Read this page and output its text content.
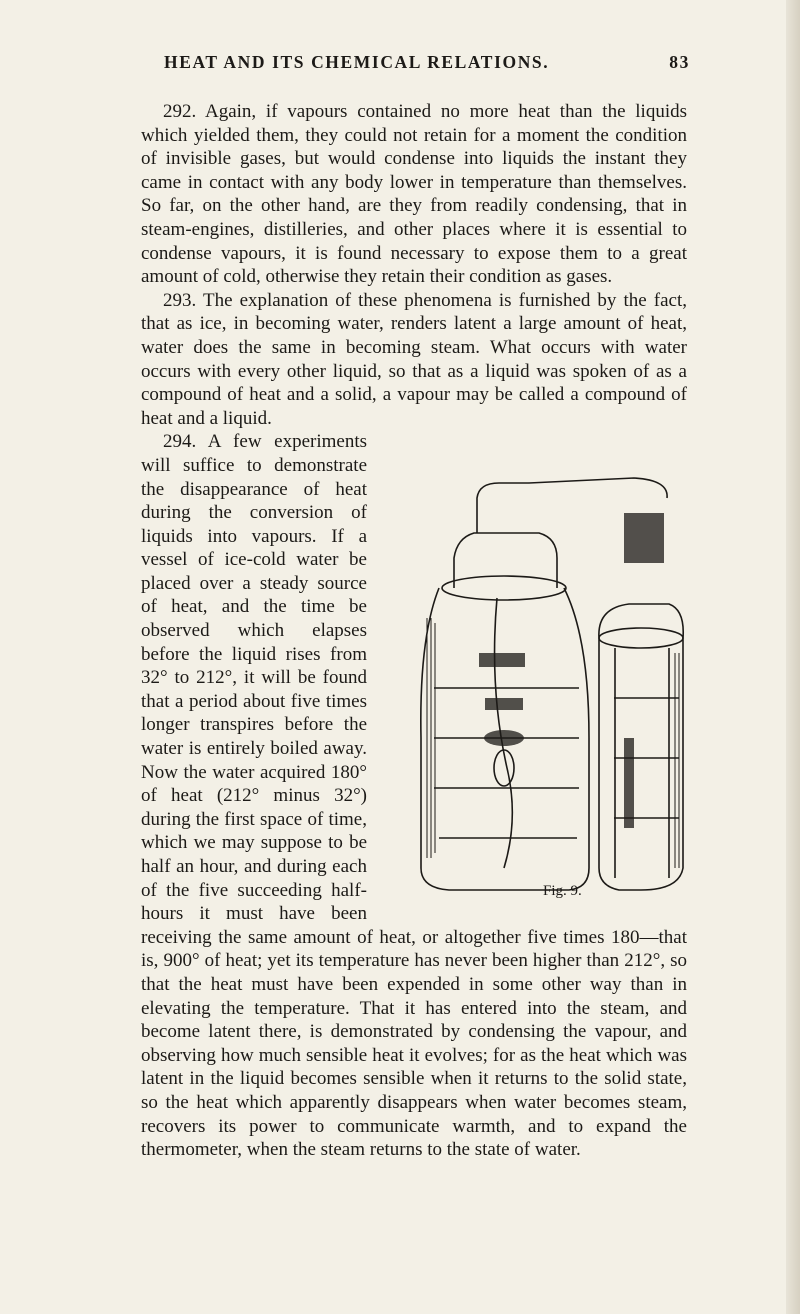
HEAT AND ITS CHEMICAL RELATIONS.	83

292. Again, if vapours contained no more heat than the liquids which yielded them, they could not retain for a moment the condition of invisible gases, but would condense into liquids the instant they came in contact with any body lower in temperature than themselves. So far, on the other hand, are they from readily condensing, that in steam-engines, distilleries, and other places where it is essential to condense vapours, it is found necessary to expose them to a great amount of cold, otherwise they retain their condition as gases.

293. The explanation of these phenomena is furnished by the fact, that as ice, in becoming water, renders latent a large amount of heat, water does the same in becoming steam. What occurs with water occurs with every other liquid, so that as a liquid was spoken of as a compound of heat and a solid, a vapour may be called a compound of heat and a liquid.

Fig. 9.
294. A few experiments will suffice to demonstrate the disappearance of heat during the conversion of liquids into vapours. If a vessel of ice-cold water be placed over a steady source of heat, and the time be observed which elapses before the liquid rises from 32° to 212°, it will be found that a period about five times longer transpires before the water is entirely boiled away. Now the water acquired 180° of heat (212° minus 32°) during the first space of time, which we may suppose to be half an hour, and during each of the five succeeding half-hours it must have been receiving the same amount of heat, or altogether five times 180—that is, 900° of heat; yet its temperature has never been higher than 212°, so that the heat must have been expended in some other way than in elevating the temperature. That it has entered into the steam, and become latent there, is demonstrated by condensing the vapour, and observing how much sensible heat it evolves; for as the heat which was latent in the liquid becomes sensible when it returns to the solid state, so the heat which apparently disappears when water becomes steam, recovers its power to communicate warmth, and to expand the thermometer, when the steam returns to the state of water.
